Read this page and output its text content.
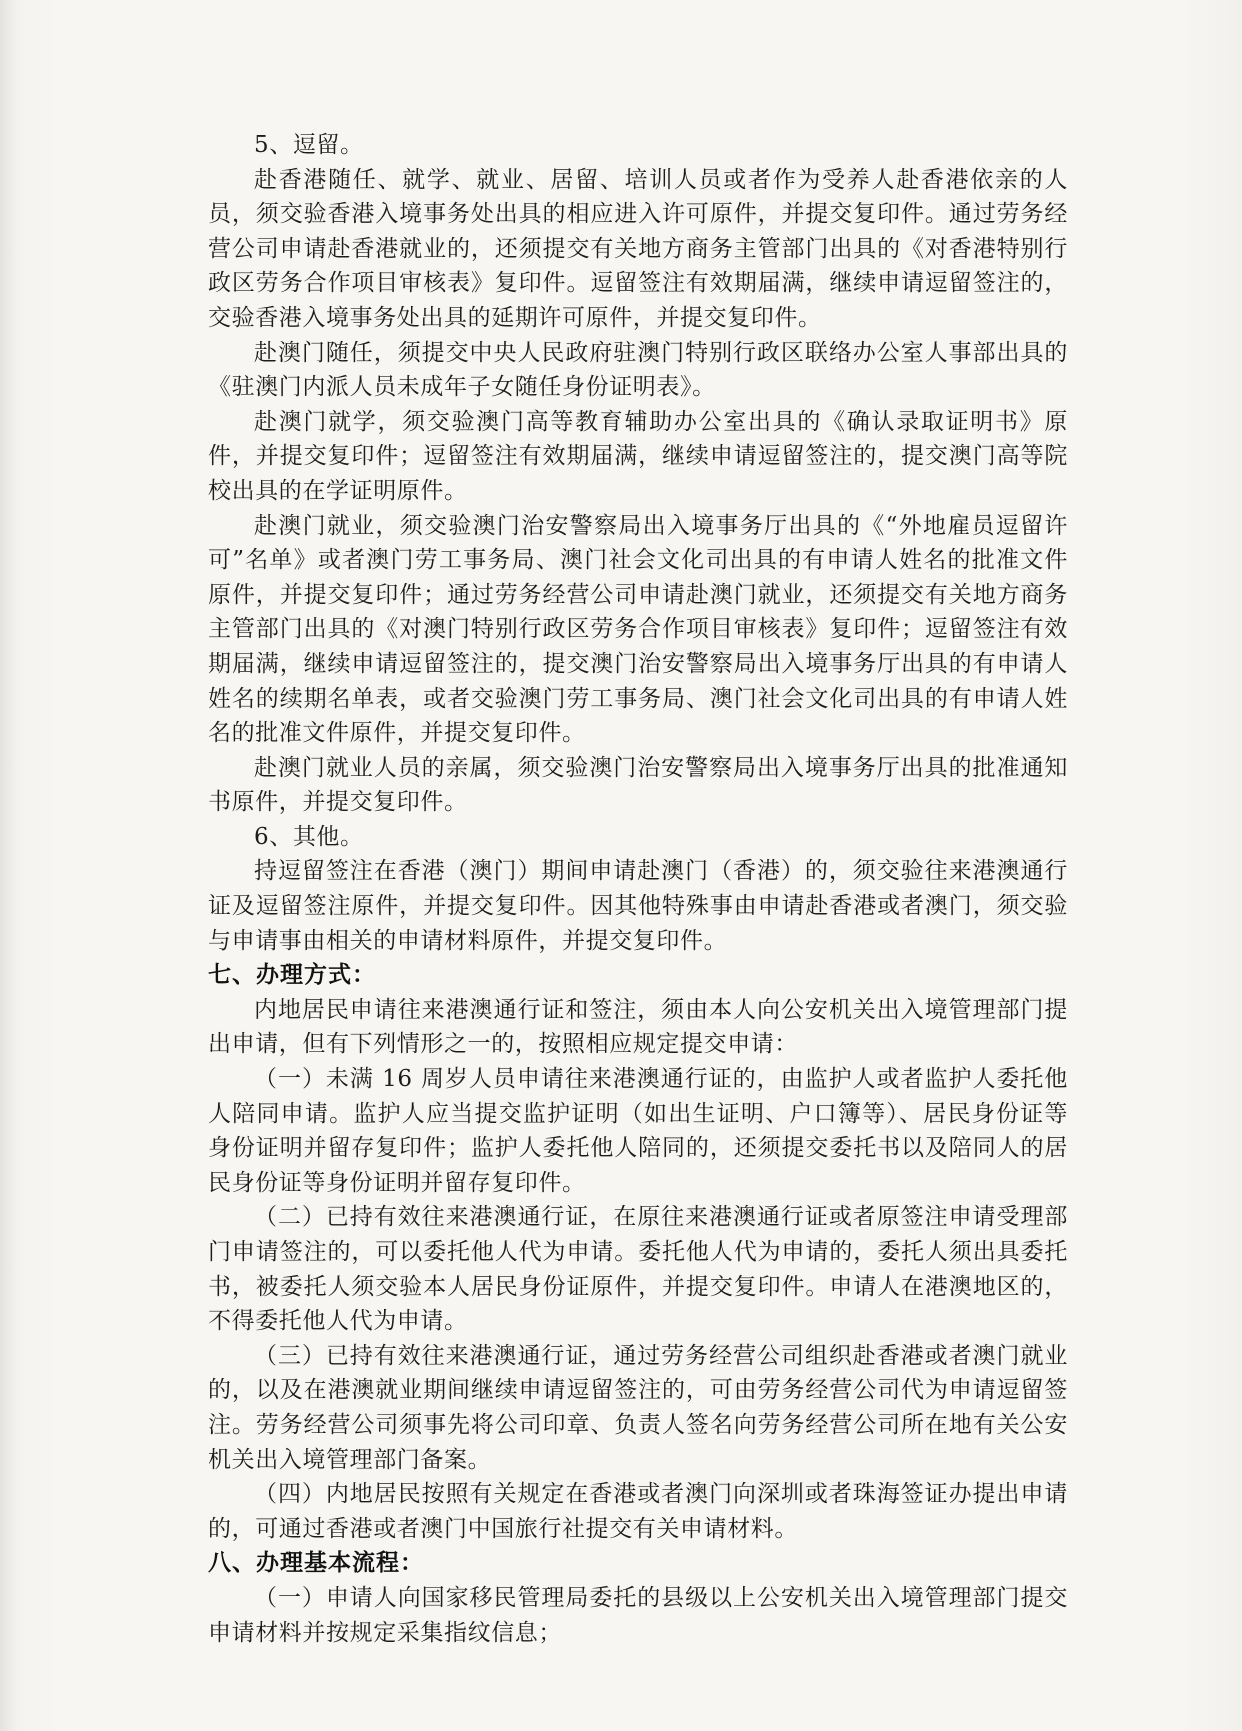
5、逗留。

赴香港随任、就学、就业、居留、培训人员或者作为受养人赴香港依亲的人员，须交验香港入境事务处出具的相应进入许可原件，并提交复印件。通过劳务经营公司申请赴香港就业的，还须提交有关地方商务主管部门出具的《对香港特别行政区劳务合作项目审核表》复印件。逗留签注有效期届满，继续申请逗留签注的，交验香港入境事务处出具的延期许可原件，并提交复印件。

赴澳门随任，须提交中央人民政府驻澳门特别行政区联络办公室人事部出具的《驻澳门内派人员未成年子女随任身份证明表》。

赴澳门就学，须交验澳门高等教育辅助办公室出具的《确认录取证明书》原件，并提交复印件；逗留签注有效期届满，继续申请逗留签注的，提交澳门高等院校出具的在学证明原件。

赴澳门就业，须交验澳门治安警察局出入境事务厅出具的《“外地雇员逗留许可”名单》或者澳门劳工事务局、澳门社会文化司出具的有申请人姓名的批准文件原件，并提交复印件；通过劳务经营公司申请赴澳门就业，还须提交有关地方商务主管部门出具的《对澳门特别行政区劳务合作项目审核表》复印件；逗留签注有效期届满，继续申请逗留签注的，提交澳门治安警察局出入境事务厅出具的有申请人姓名的续期名单表，或者交验澳门劳工事务局、澳门社会文化司出具的有申请人姓名的批准文件原件，并提交复印件。

赴澳门就业人员的亲属，须交验澳门治安警察局出入境事务厅出具的批准通知书原件，并提交复印件。

6、其他。

持逗留签注在香港（澳门）期间申请赴澳门（香港）的，须交验往来港澳通行证及逗留签注原件，并提交复印件。因其他特殊事由申请赴香港或者澳门，须交验与申请事由相关的申请材料原件，并提交复印件。

七、办理方式：

内地居民申请往来港澳通行证和签注，须由本人向公安机关出入境管理部门提出申请，但有下列情形之一的，按照相应规定提交申请：

（一）未满 16 周岁人员申请往来港澳通行证的，由监护人或者监护人委托他人陪同申请。监护人应当提交监护证明（如出生证明、户口簿等）、居民身份证等身份证明并留存复印件；监护人委托他人陪同的，还须提交委托书以及陪同人的居民身份证等身份证明并留存复印件。

（二）已持有效往来港澳通行证，在原往来港澳通行证或者原签注申请受理部门申请签注的，可以委托他人代为申请。委托他人代为申请的，委托人须出具委托书，被委托人须交验本人居民身份证原件，并提交复印件。申请人在港澳地区的，不得委托他人代为申请。

（三）已持有效往来港澳通行证，通过劳务经营公司组织赴香港或者澳门就业的，以及在港澳就业期间继续申请逗留签注的，可由劳务经营公司代为申请逗留签注。劳务经营公司须事先将公司印章、负责人签名向劳务经营公司所在地有关公安机关出入境管理部门备案。

（四）内地居民按照有关规定在香港或者澳门向深圳或者珠海签证办提出申请的，可通过香港或者澳门中国旅行社提交有关申请材料。

八、办理基本流程：

（一）申请人向国家移民管理局委托的县级以上公安机关出入境管理部门提交申请材料并按规定采集指纹信息；
